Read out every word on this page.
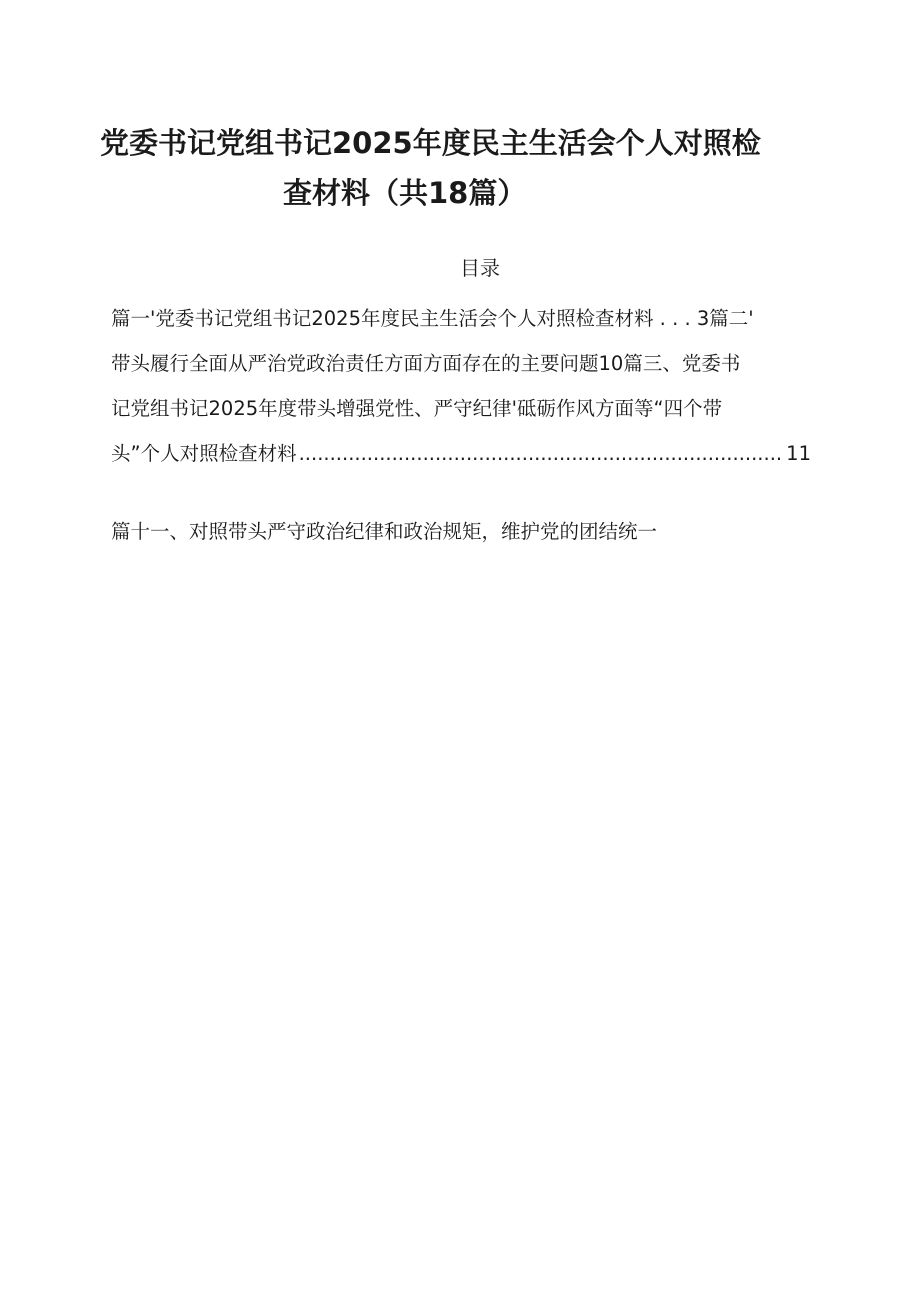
党委书记党组书记2025年度民主生活会个人对照检
查材料（共18篇）
目录
篇一'党委书记党组书记2025年度民主生活会个人对照检查材料 . . . 3篇二'
带头履行全面从严治党政治责任方面方面存在的主要问题10篇三、党委书
记党组书记2025年度带头增强党性、严守纪律'砥砺作风方面等“四个带
头”个人对照检查材料
.....	11
篇十一、对照带头严守政治纪律和政治规矩，维护党的团结统一
